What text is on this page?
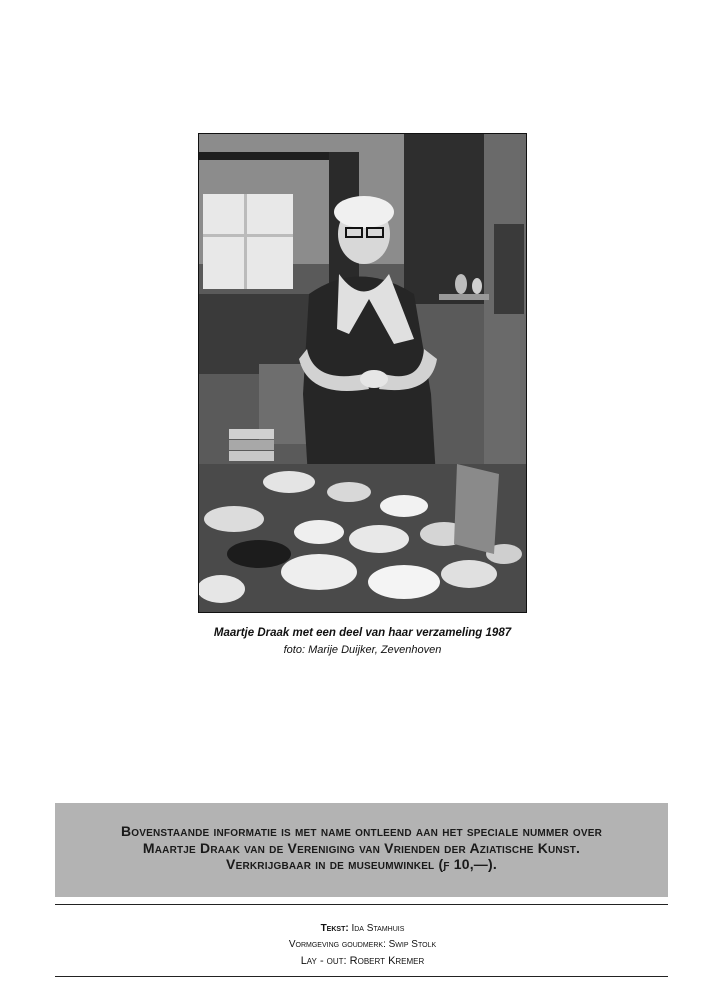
Maartje Draak met een deel van haar verzameling 1987
foto: Marije Duijker, Zevenhoven
Bovenstaande informatie is met name ontleend aan het speciale nummer over
Maartje Draak van de Vereniging van Vrienden der Aziatische Kunst.
Verkrijgbaar in de museumwinkel (ƒ 10,—).
Tekst: Ida Stamhuis
Vormgeving goudmerk: Swip Stolk
Lay - out: Robert Kremer
